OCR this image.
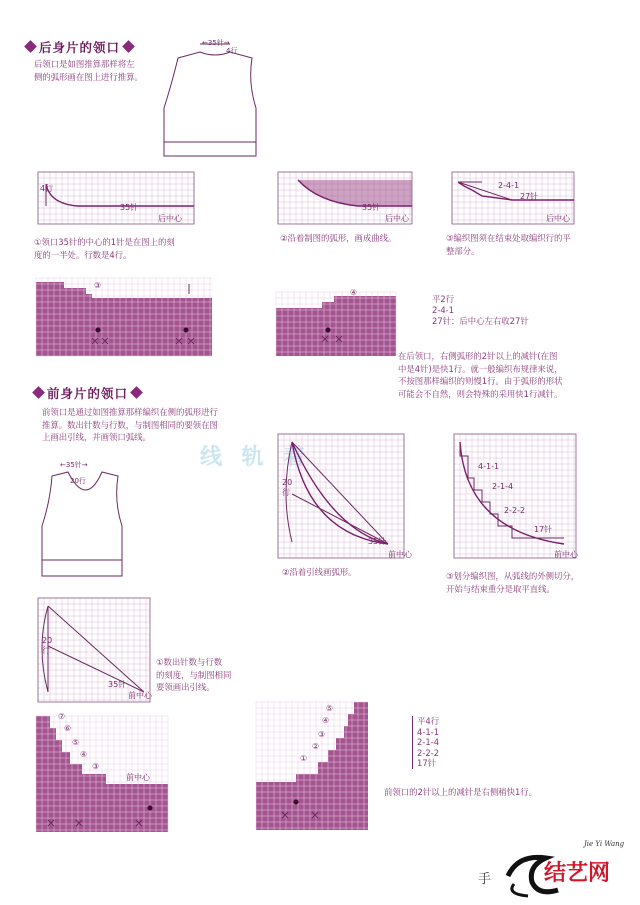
后身片的领口
后领口是如图推算那样将左
侧的弧形画在图上进行推算。
←35针→
4行
4行
35针
后中心
35针
后中心
2-4-1
27针
后中心
①领口35针的中心的1针是在图上的刻
度的一半处。行数是4行。
②沿着制图的弧形，画成曲线。	③编织图须在结束处取编织行的平
整部分。
③
④
平2行
2-4-1
27针：后中心左右收27针
在后领口，右侧弧形的2针以上的减针(在图
中是4针)是快1行。就一般编织布规律来说，
不按图那样编织的则慢1行。由于弧形的形状
可能会不自然，则会特殊的采用快1行减针。
前身片的领口
前领口是通过如图推算那样编织在侧的弧形进行
推算。数出针数与行数，与制图相同的要领在图
上画出引线，并画领口弧线。
线 轨 着
←35针→
20行	20行
35针
前中心
4-1-1
2-1-4
2-2-2
17针
前中心
②沿着引线画弧形。	③划分编织图，从弧线的外侧切分，
开始与结束重分是取平直线。
20行
35针
前中心
①数出针数与行数
的刻度，与制图相同
要领画出引线。
⑦
⑥
⑤
④
③
前中心
⑤
④
③
②
①
平4行
4-1-1
2-1-4
2-2-2
17针
前领口的2针以上的减针是右侧稍快1行。
手
Jie Yi Wang
结艺网
